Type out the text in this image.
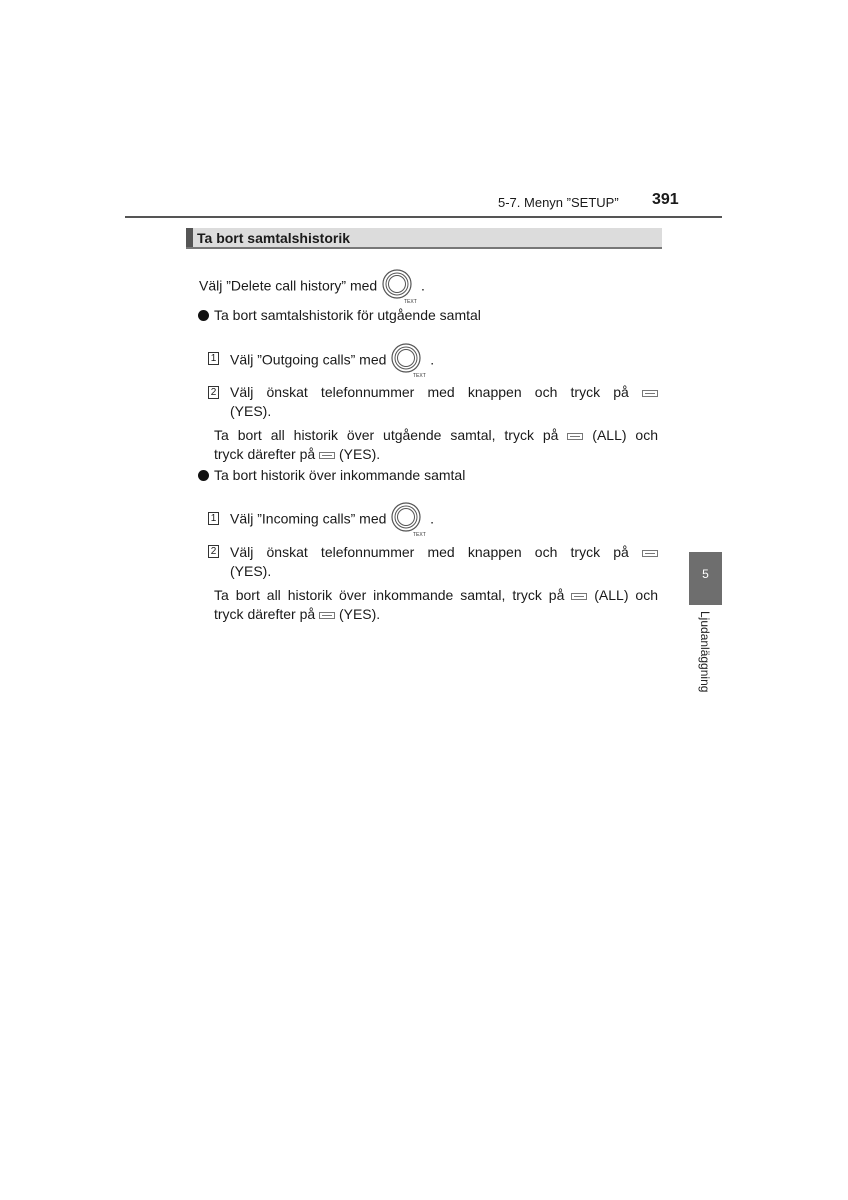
5-7. Menyn ”SETUP” 391
Ta bort samtalshistorik
Välj ”Delete call history” med
TEXT
.
Ta bort samtalshistorik för utgående samtal
1 Välj ”Outgoing calls” med
TEXT
.
2 Välj önskat telefonnummer med knappen och tryck på
(YES).
Ta bort all historik över utgående samtal, tryck på (ALL) och
tryck därefter på (YES).
Ta bort historik över inkommande samtal
1 Välj ”Incoming calls” med
TEXT
.
2 Välj önskat telefonnummer med knappen och tryck på
(YES).
Ta bort all historik över inkommande samtal, tryck på (ALL) och
tryck därefter på (YES).
5
Ljudanläggning
